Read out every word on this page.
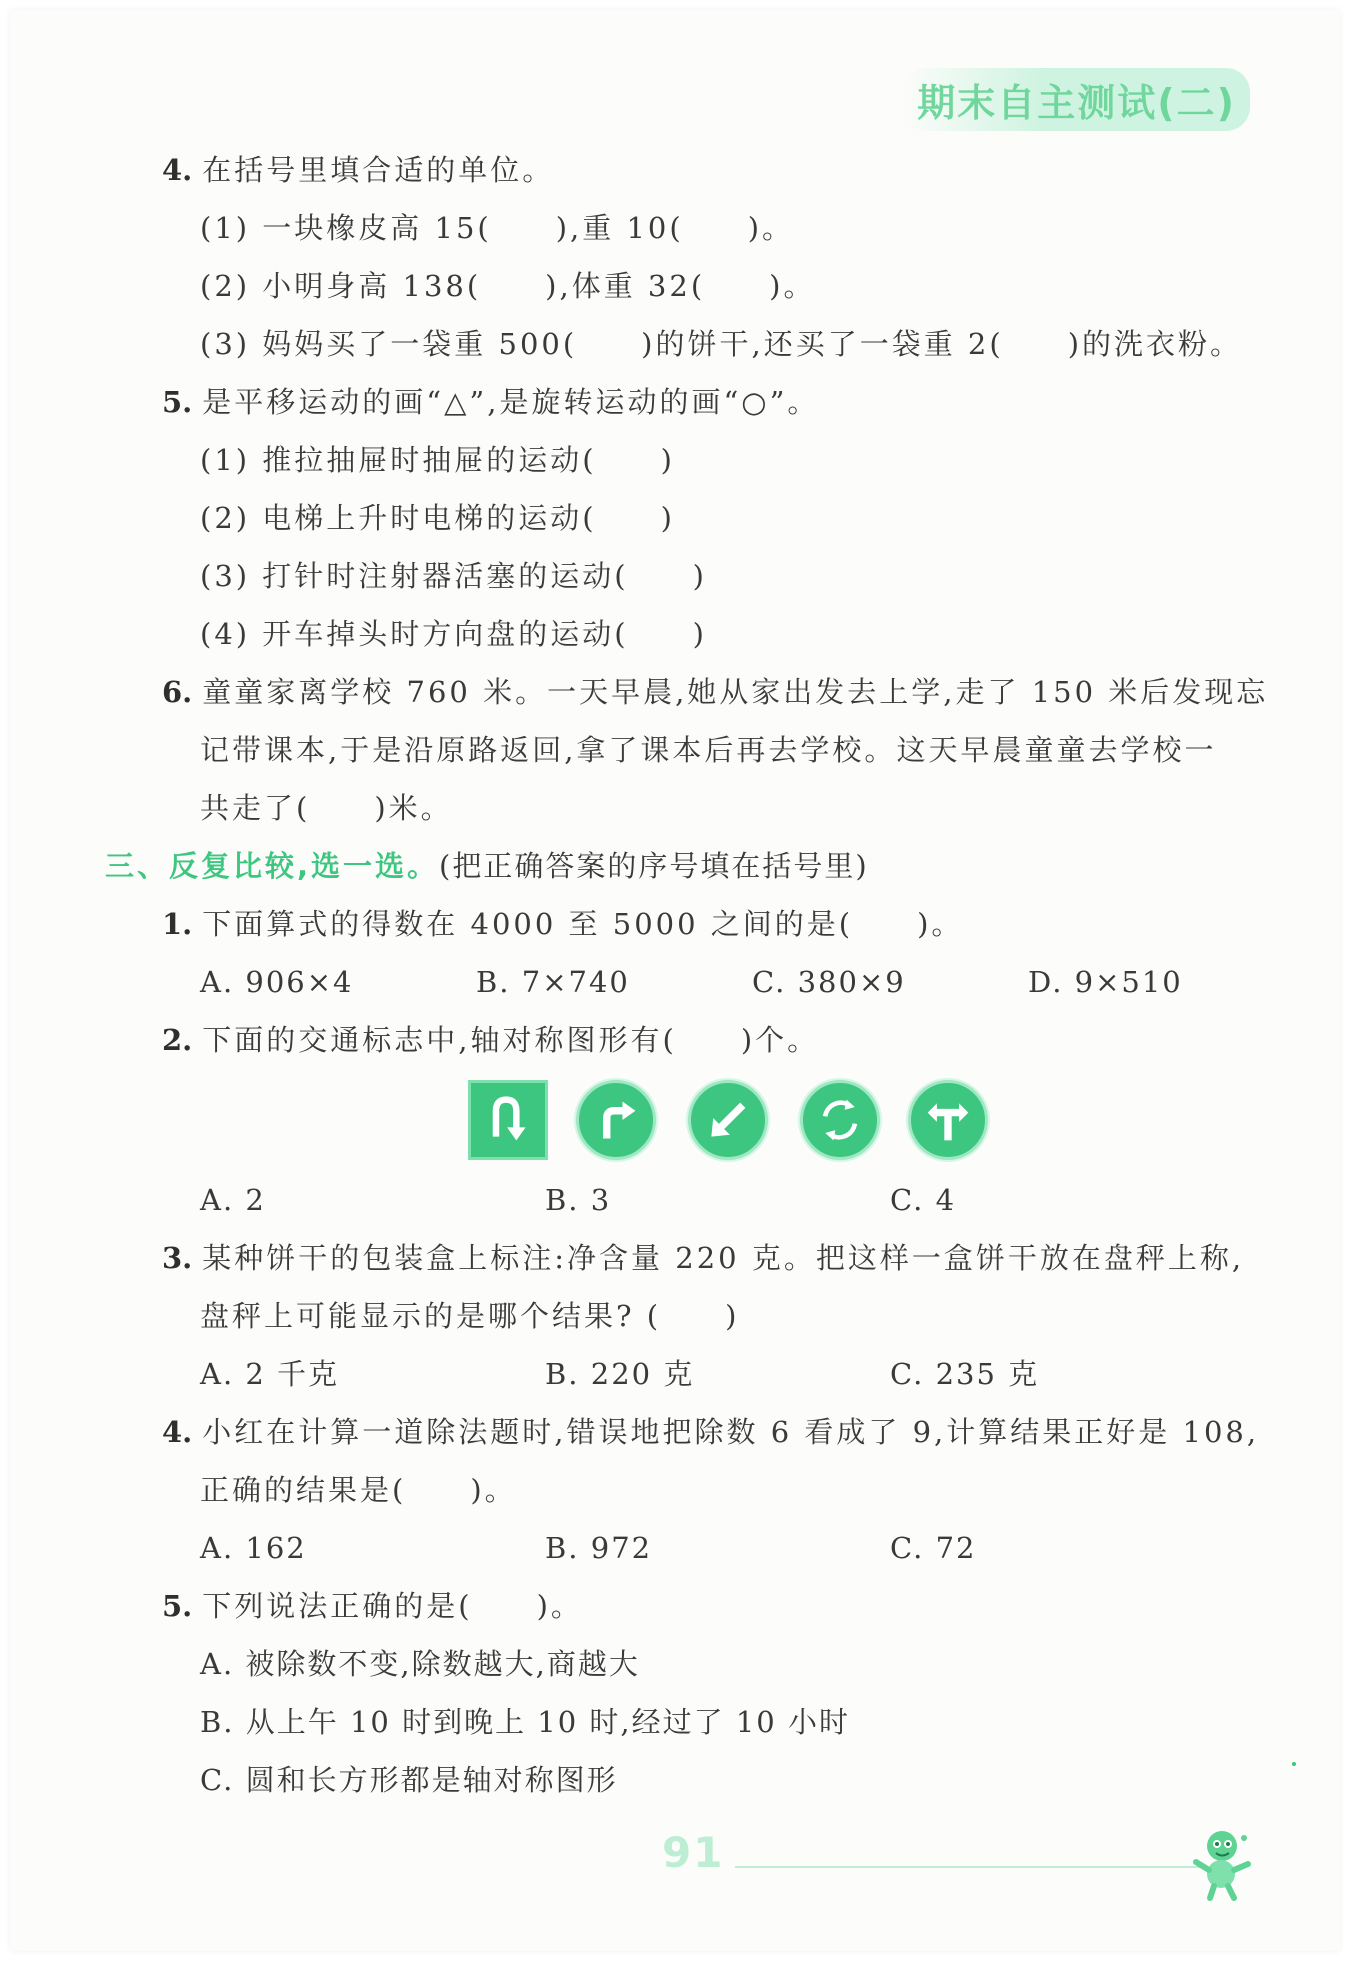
期末自主测试(二)
4. 在括号里填合适的单位。
(1) 一块橡皮高 15(　　),重 10(　　)。
(2) 小明身高 138(　　),体重 32(　　)。
(3) 妈妈买了一袋重 500(　　)的饼干,还买了一袋重 2(　　)的洗衣粉。
5. 是平移运动的画“△”,是旋转运动的画“○”。
(1) 推拉抽屉时抽屉的运动(　　)
(2) 电梯上升时电梯的运动(　　)
(3) 打针时注射器活塞的运动(　　)
(4) 开车掉头时方向盘的运动(　　)
6. 童童家离学校 760 米。一天早晨,她从家出发去上学,走了 150 米后发现忘
记带课本,于是沿原路返回,拿了课本后再去学校。这天早晨童童去学校一
共走了(　　)米。
三、反复比较,选一选。(把正确答案的序号填在括号里)
1. 下面算式的得数在 4000 至 5000 之间的是(　　)。
A. 906×4	B. 7×740	C. 380×9	D. 9×510
2. 下面的交通标志中,轴对称图形有(　　)个。
A. 2	B. 3	C. 4
3. 某种饼干的包装盒上标注:净含量 220 克。把这样一盒饼干放在盘秤上称,
盘秤上可能显示的是哪个结果? (　　)
A. 2 千克	B. 220 克	C. 235 克
4. 小红在计算一道除法题时,错误地把除数 6 看成了 9,计算结果正好是 108,
正确的结果是(　　)。
A. 162	B. 972	C. 72
5. 下列说法正确的是(　　)。
A. 被除数不变,除数越大,商越大
B. 从上午 10 时到晚上 10 时,经过了 10 小时
C. 圆和长方形都是轴对称图形
91
